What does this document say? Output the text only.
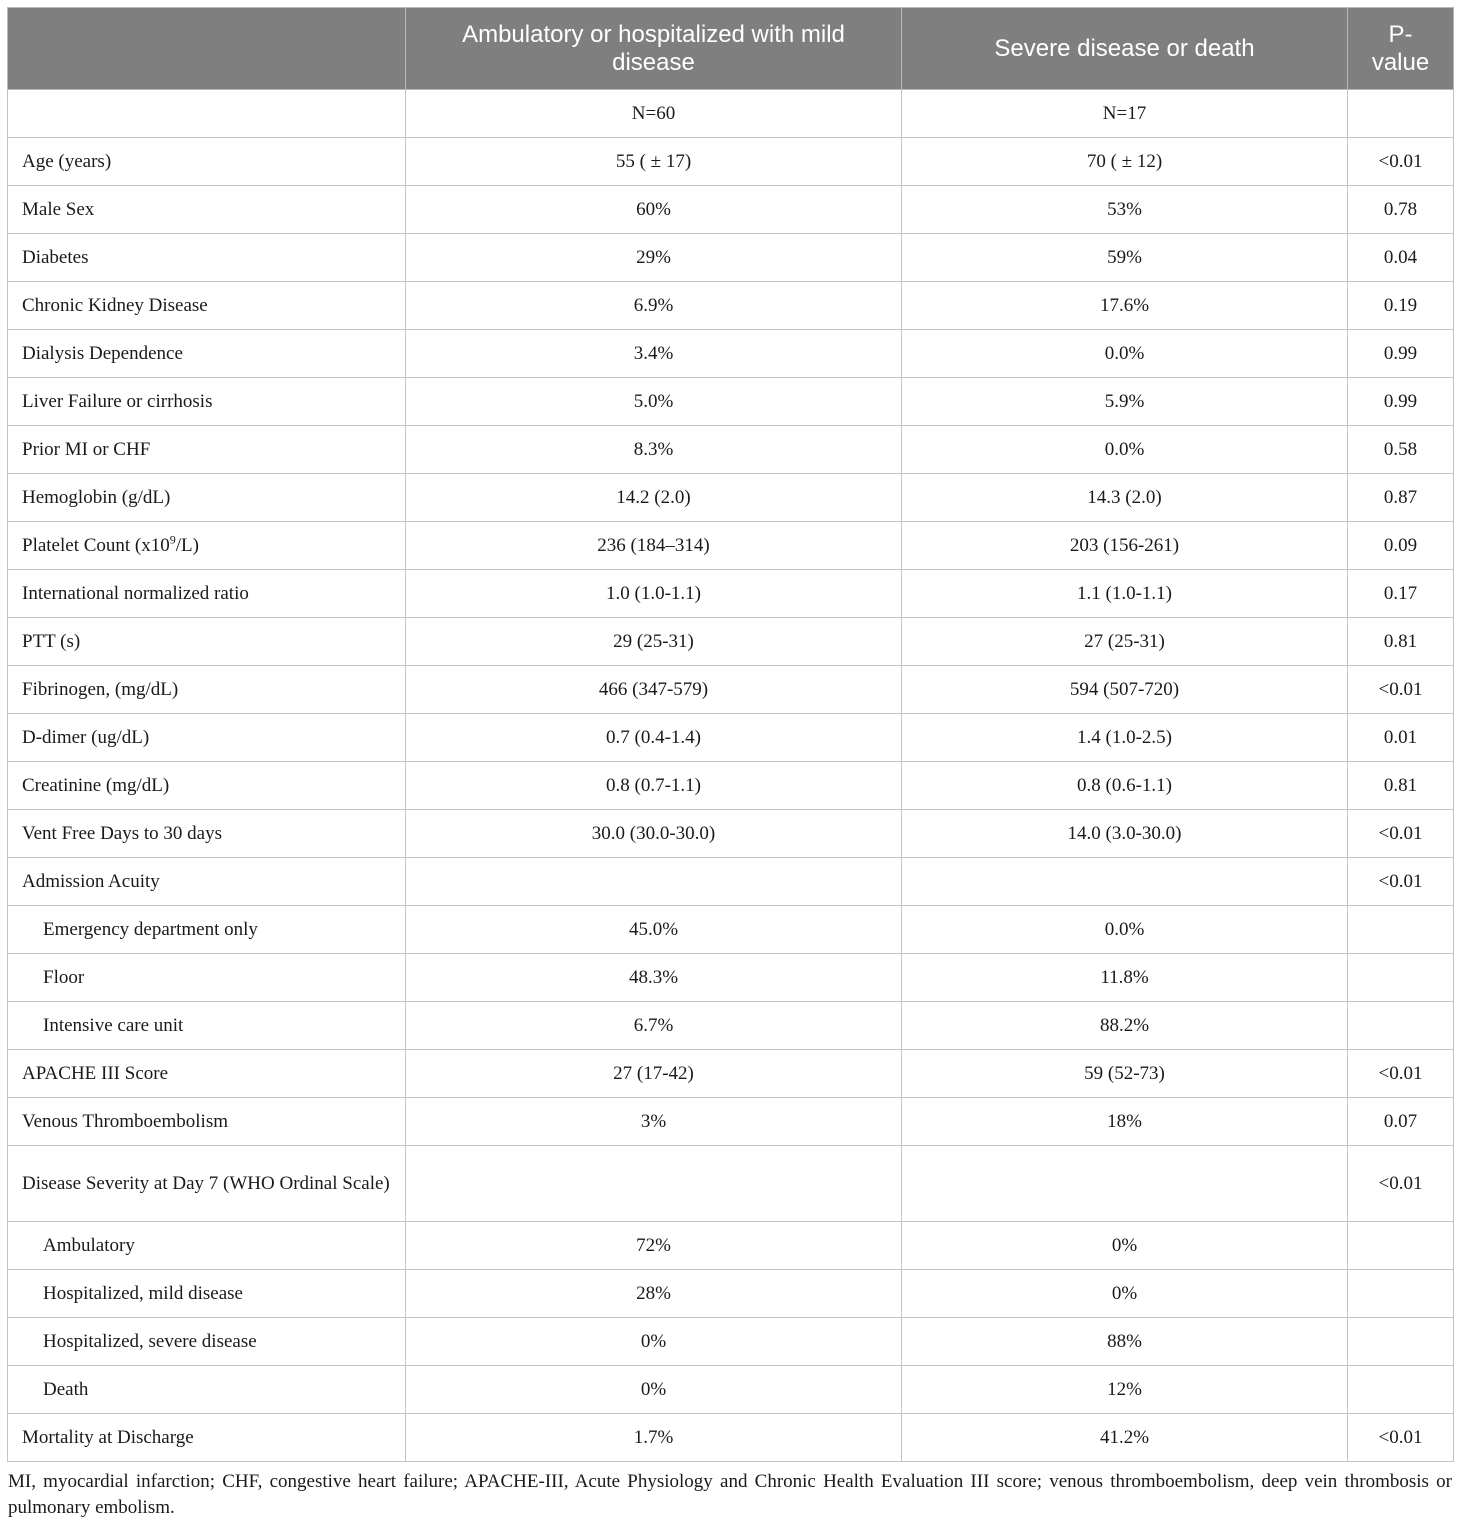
	Ambulatory or hospitalized with mild disease	Severe disease or death	P-value
	N=60	N=17	
Age (years)	55 ( ± 17)	70 ( ± 12)	<0.01
Male Sex	60%	53%	0.78
Diabetes	29%	59%	0.04
Chronic Kidney Disease	6.9%	17.6%	0.19
Dialysis Dependence	3.4%	0.0%	0.99
Liver Failure or cirrhosis	5.0%	5.9%	0.99
Prior MI or CHF	8.3%	0.0%	0.58
Hemoglobin (g/dL)	14.2 (2.0)	14.3 (2.0)	0.87
Platelet Count $(x10^9/L)$	236 (184–314)	203 (156-261)	0.09
International normalized ratio	1.0 (1.0-1.1)	1.1 (1.0-1.1)	0.17
PTT (s)	29 (25-31)	27 (25-31)	0.81
Fibrinogen, (mg/dL)	466 (347-579)	594 (507-720)	<0.01
D-dimer (ug/dL)	0.7 (0.4-1.4)	1.4 (1.0-2.5)	0.01
Creatinine (mg/dL)	0.8 (0.7-1.1)	0.8 (0.6-1.1)	0.81
Vent Free Days to 30 days	30.0 (30.0-30.0)	14.0 (3.0-30.0)	<0.01
Admission Acuity			<0.01
Emergency department only	45.0%	0.0%	
Floor	48.3%	11.8%	
Intensive care unit	6.7%	88.2%	
APACHE III Score	27 (17-42)	59 (52-73)	<0.01
Venous Thromboembolism	3%	18%	0.07
Disease Severity at Day 7 (WHO Ordinal Scale)			<0.01
Ambulatory	72%	0%	
Hospitalized, mild disease	28%	0%	
Hospitalized, severe disease	0%	88%	
Death	0%	12%	
Mortality at Discharge	1.7%	41.2%	<0.01
MI, myocardial infarction; CHF, congestive heart failure; APACHE-III, Acute Physiology and Chronic Health Evaluation III score; venous thromboembolism, deep vein thrombosis or pulmonary embolism.
